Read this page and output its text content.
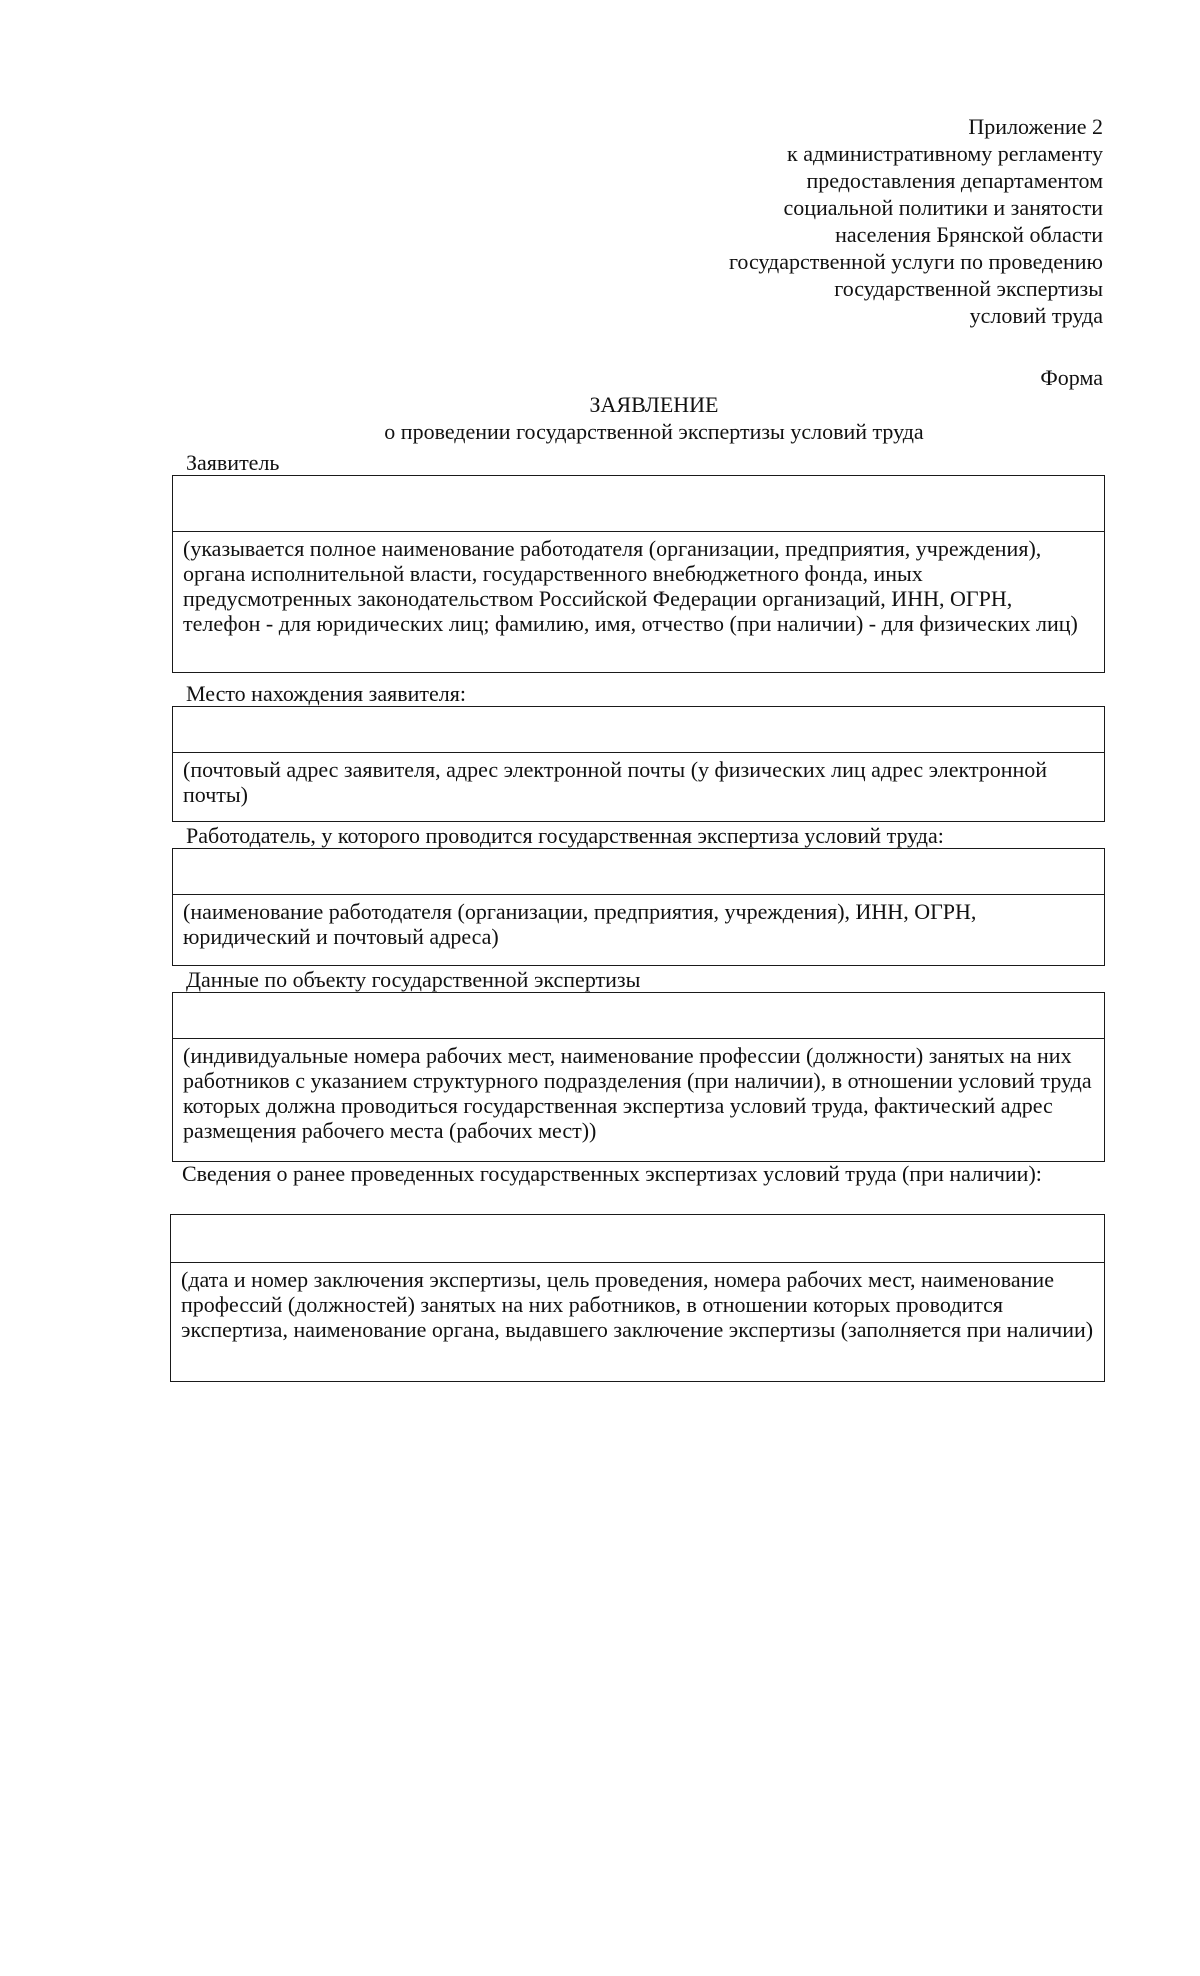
Приложение 2
к административному регламенту
предоставления департаментом
социальной политики и занятости
населения Брянской области
государственной услуги по проведению
государственной экспертизы
условий труда
Форма
ЗАЯВЛЕНИЕ
о проведении государственной экспертизы условий труда
Заявитель
(указывается полное наименование работодателя (организации, предприятия, учреждения), органа исполнительной власти, государственного внебюджетного фонда, иных предусмотренных законодательством Российской Федерации организаций, ИНН, ОГРН, телефон - для юридических лиц; фамилию, имя, отчество (при наличии) - для физических лиц)
Место нахождения заявителя:
(почтовый адрес заявителя, адрес электронной почты (у физических лиц адрес электронной почты)
Работодатель, у которого проводится государственная экспертиза условий труда:
(наименование работодателя (организации, предприятия, учреждения), ИНН, ОГРН, юридический и почтовый адреса)
Данные по объекту государственной экспертизы
(индивидуальные номера рабочих мест, наименование профессии (должности) занятых на них работников с указанием структурного подразделения (при наличии), в отношении условий труда которых должна проводиться государственная экспертиза условий труда, фактический адрес размещения рабочего места (рабочих мест))
Сведения о ранее проведенных государственных экспертизах условий труда (при наличии):
(дата и номер заключения экспертизы, цель проведения, номера рабочих мест, наименование профессий (должностей) занятых на них работников, в отношении которых проводится экспертиза, наименование органа, выдавшего заключение экспертизы (заполняется при наличии)
